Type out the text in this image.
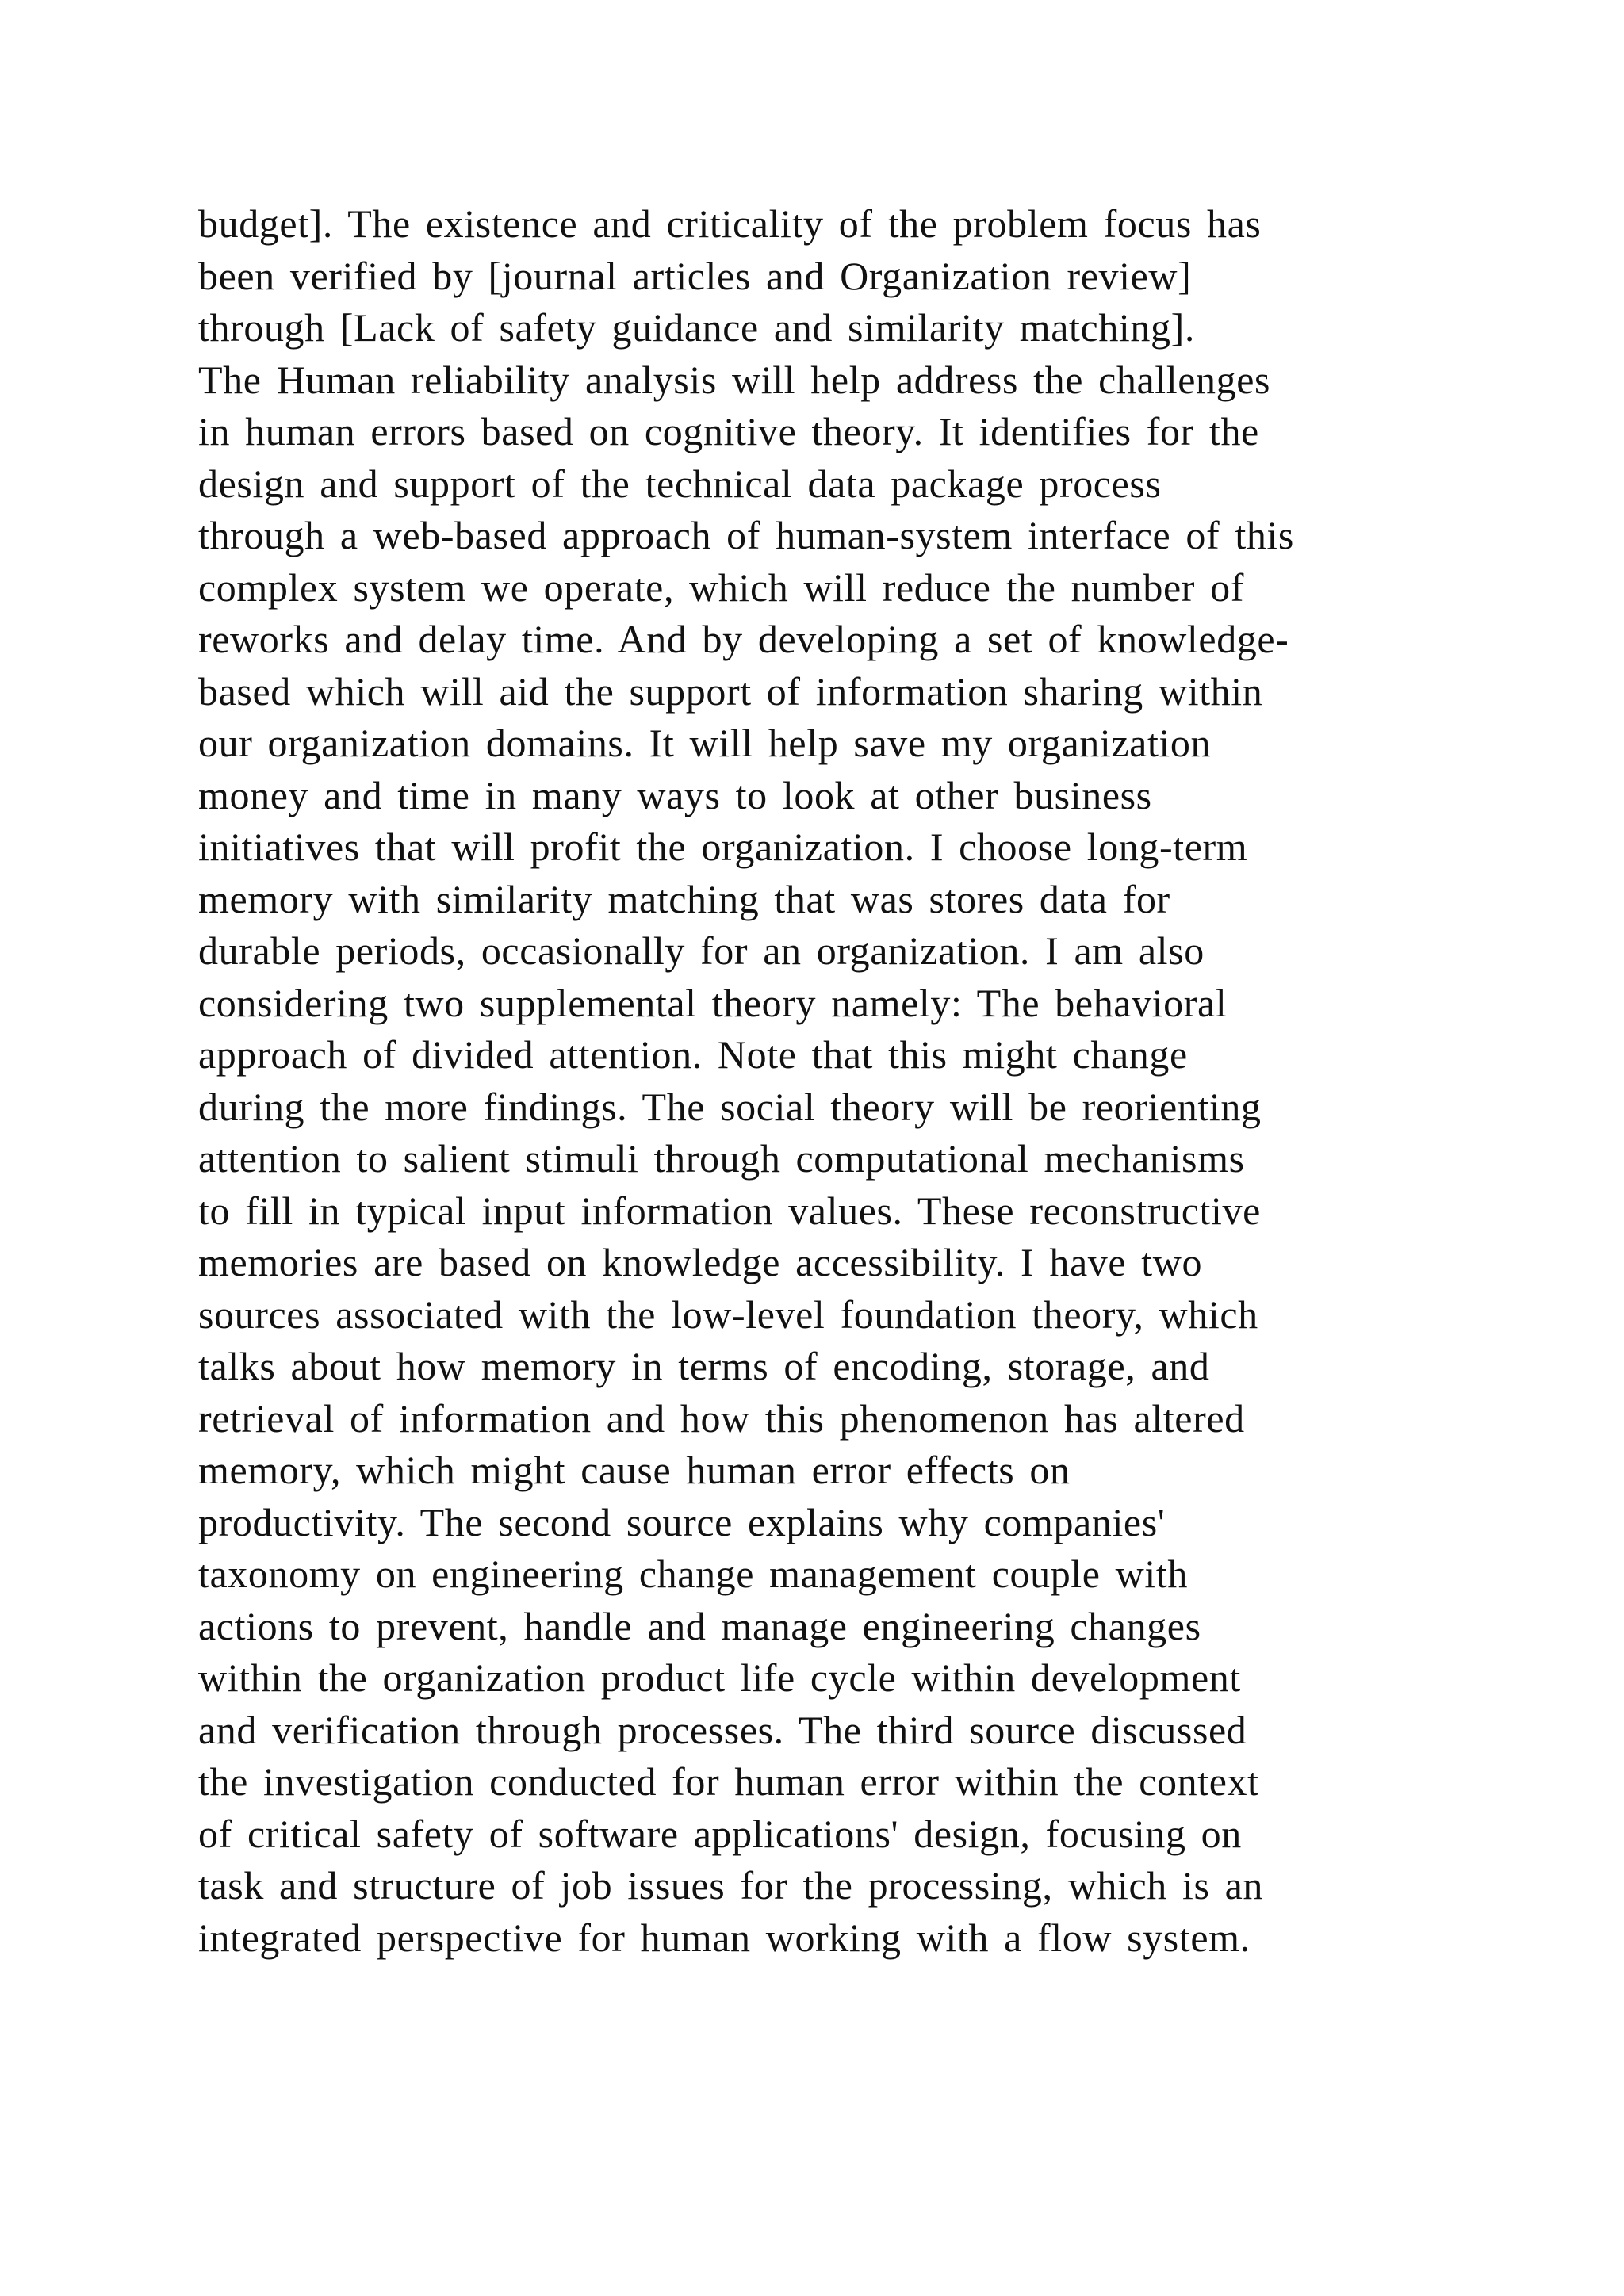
budget]. The existence and criticality of the problem focus has
been verified by [journal articles and Organization review]
through [Lack of safety guidance and similarity matching].
The Human reliability analysis will help address the challenges
in human errors based on cognitive theory. It identifies for the
design and support of the technical data package process
through a web-based approach of human-system interface of this
complex system we operate, which will reduce the number of
reworks and delay time. And by developing a set of knowledge-
based which will aid the support of information sharing within
our organization domains. It will help save my organization
money and time in many ways to look at other business
initiatives that will profit the organization. I choose long-term
memory with similarity matching that was stores data for
durable periods, occasionally for an organization. I am also
considering two supplemental theory namely: The behavioral
approach of divided attention. Note that this might change
during the more findings. The social theory will be reorienting
attention to salient stimuli through computational mechanisms
to fill in typical input information values. These reconstructive
memories are based on knowledge accessibility. I have two
sources associated with the low-level foundation theory, which
talks about how memory in terms of encoding, storage, and
retrieval of information and how this phenomenon has altered
memory, which might cause human error effects on
productivity. The second source explains why companies'
taxonomy on engineering change management couple with
actions to prevent, handle and manage engineering changes
within the organization product life cycle within development
and verification through processes. The third source discussed
the investigation conducted for human error within the context
of critical safety of software applications' design, focusing on
task and structure of job issues for the processing, which is an
integrated perspective for human working with a flow system.
